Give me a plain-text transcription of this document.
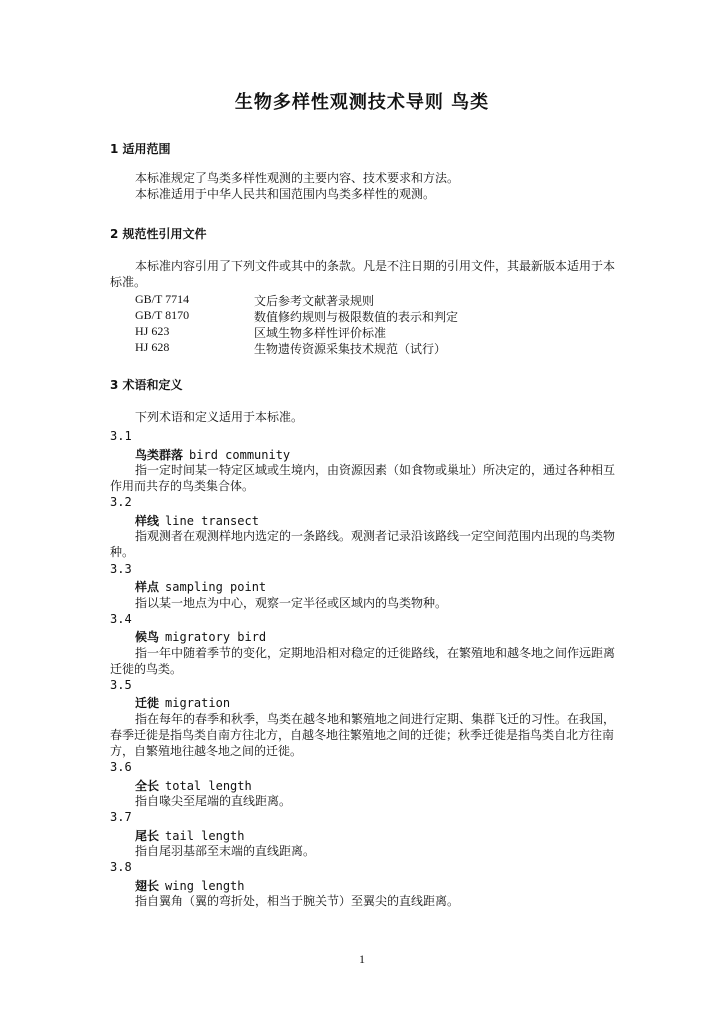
生物多样性观测技术导则 鸟类
1 适用范围
本标准规定了鸟类多样性观测的主要内容、技术要求和方法。
本标准适用于中华人民共和国范围内鸟类多样性的观测。
2 规范性引用文件
本标准内容引用了下列文件或其中的条款。凡是不注日期的引用文件，其最新版本适用于本标准。
GB/T 7714	文后参考文献著录规则
GB/T 8170	数值修约规则与极限数值的表示和判定
HJ 623	区域生物多样性评价标准
HJ 628	生物遗传资源采集技术规范（试行）
3 术语和定义
下列术语和定义适用于本标准。
3.1
鸟类群落 bird community
指一定时间某一特定区域或生境内，由资源因素（如食物或巢址）所决定的，通过各种相互作用而共存的鸟类集合体。
3.2
样线 line transect
指观测者在观测样地内选定的一条路线。观测者记录沿该路线一定空间范围内出现的鸟类物种。
3.3
样点 sampling point
指以某一地点为中心，观察一定半径或区域内的鸟类物种。
3.4
候鸟 migratory bird
指一年中随着季节的变化，定期地沿相对稳定的迁徙路线，在繁殖地和越冬地之间作远距离迁徙的鸟类。
3.5
迁徙 migration
指在每年的春季和秋季，鸟类在越冬地和繁殖地之间进行定期、集群飞迁的习性。在我国，春季迁徙是指鸟类自南方往北方，自越冬地往繁殖地之间的迁徙；秋季迁徙是指鸟类自北方往南方，自繁殖地往越冬地之间的迁徙。
3.6
全长 total length
指自喙尖至尾端的直线距离。
3.7
尾长 tail length
指自尾羽基部至末端的直线距离。
3.8
翅长 wing length
指自翼角（翼的弯折处，相当于腕关节）至翼尖的直线距离。
1
